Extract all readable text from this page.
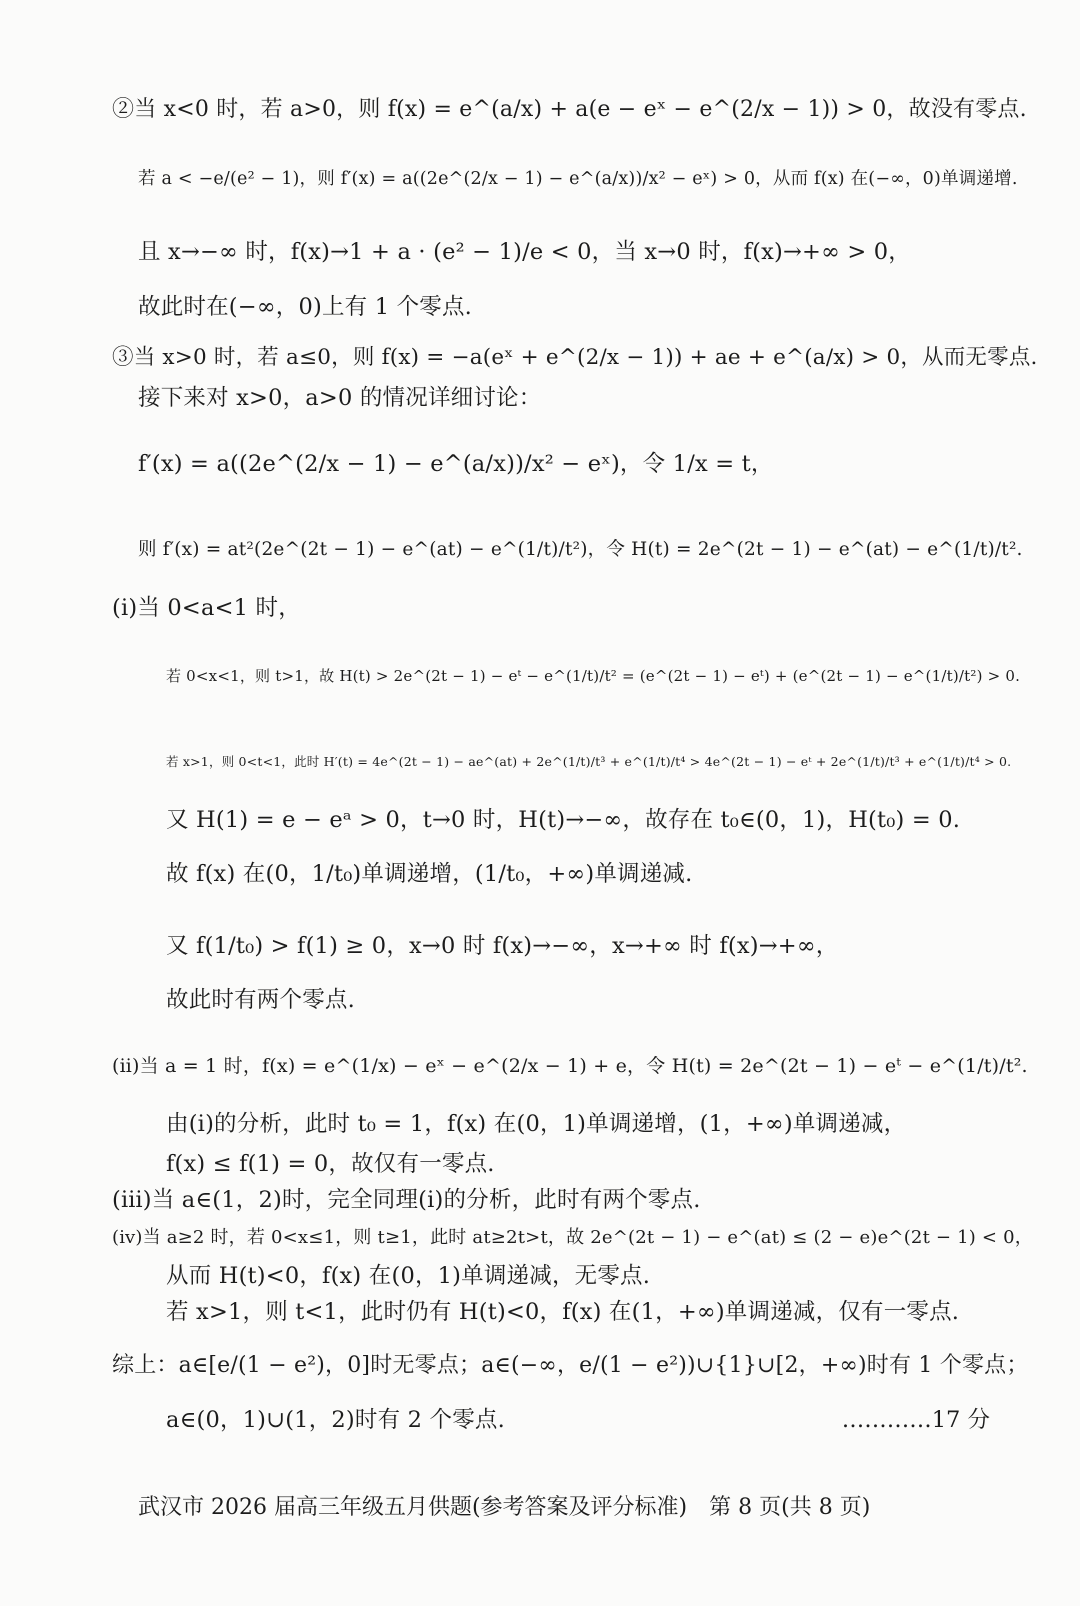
②当 x<0 时，若 a>0，则 f(x) = e^(a/x) + a(e − eˣ − e^(2/x − 1)) > 0，故没有零点.
若 a < −e/(e² − 1)，则 f′(x) = a((2e^(2/x − 1) − e^(a/x))/x² − eˣ) > 0，从而 f(x) 在(−∞，0)单调递增.
且 x→−∞ 时，f(x)→1 + a · (e² − 1)/e < 0，当 x→0 时，f(x)→+∞ > 0，
故此时在(−∞，0)上有 1 个零点.
③当 x>0 时，若 a≤0，则 f(x) = −a(eˣ + e^(2/x − 1)) + ae + e^(a/x) > 0，从而无零点.
接下来对 x>0，a>0 的情况详细讨论：
f′(x) = a((2e^(2/x − 1) − e^(a/x))/x² − eˣ)，令 1/x = t，
则 f′(x) = at²(2e^(2t − 1) − e^(at) − e^(1/t)/t²)，令 H(t) = 2e^(2t − 1) − e^(at) − e^(1/t)/t².
(ⅰ)当 0<a<1 时，
若 0<x<1，则 t>1，故 H(t) > 2e^(2t − 1) − eᵗ − e^(1/t)/t² = (e^(2t − 1) − eᵗ) + (e^(2t − 1) − e^(1/t)/t²) > 0.
若 x>1，则 0<t<1，此时 H′(t) = 4e^(2t − 1) − ae^(at) + 2e^(1/t)/t³ + e^(1/t)/t⁴ > 4e^(2t − 1) − eᵗ + 2e^(1/t)/t³ + e^(1/t)/t⁴ > 0.
又 H(1) = e − eᵃ > 0，t→0 时，H(t)→−∞，故存在 t₀∈(0，1)，H(t₀) = 0.
故 f(x) 在(0，1/t₀)单调递增，(1/t₀，+∞)单调递减.
又 f(1/t₀) > f(1) ≥ 0，x→0 时 f(x)→−∞，x→+∞ 时 f(x)→+∞，
故此时有两个零点.
(ⅱ)当 a = 1 时，f(x) = e^(1/x) − eˣ − e^(2/x − 1) + e，令 H(t) = 2e^(2t − 1) − eᵗ − e^(1/t)/t².
由(ⅰ)的分析，此时 t₀ = 1，f(x) 在(0，1)单调递增，(1，+∞)单调递减，
f(x) ≤ f(1) = 0，故仅有一零点.
(ⅲ)当 a∈(1，2)时，完全同理(ⅰ)的分析，此时有两个零点.
(ⅳ)当 a≥2 时，若 0<x≤1，则 t≥1，此时 at≥2t>t，故 2e^(2t − 1) − e^(at) ≤ (2 − e)e^(2t − 1) < 0，
从而 H(t)<0，f(x) 在(0，1)单调递减，无零点.
若 x>1，则 t<1，此时仍有 H(t)<0，f(x) 在(1，+∞)单调递减，仅有一零点.
综上：a∈[e/(1 − e²)，0]时无零点；a∈(−∞，e/(1 − e²))∪{1}∪[2，+∞)时有 1 个零点；
a∈(0，1)∪(1，2)时有 2 个零点.	…………17 分
武汉市 2026 届高三年级五月供题(参考答案及评分标准)　第 8 页(共 8 页)
